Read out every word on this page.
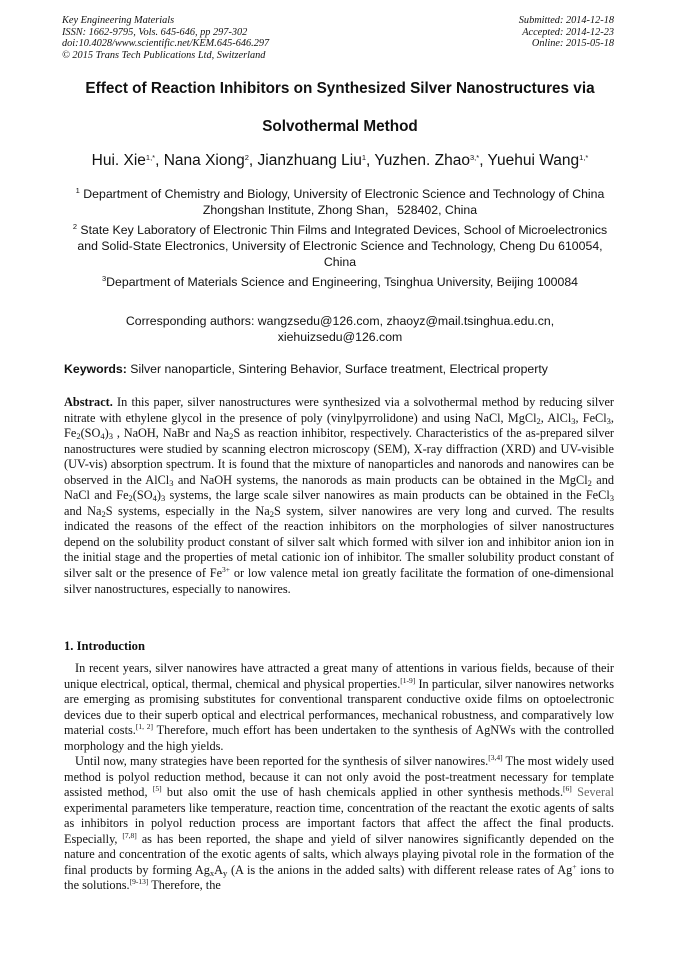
Key Engineering Materials
ISSN: 1662-9795, Vols. 645-646, pp 297-302
doi:10.4028/www.scientific.net/KEM.645-646.297
© 2015 Trans Tech Publications Ltd, Switzerland
Submitted: 2014-12-18
Accepted: 2014-12-23
Online: 2015-05-18
Effect of Reaction Inhibitors on Synthesized Silver Nanostructures via
Solvothermal Method
Hui. Xie$^{1,*}$, Nana Xiong$^2$, Jianzhuang Liu$^1$, Yuzhen. Zhao$^{3,*}$, Yuehui Wang$^{1,*}$
$^1$ Department of Chemistry and Biology, University of Electronic Science and Technology of China
Zhongshan Institute, Zhong Shan，528402, China
$^2$ State Key Laboratory of Electronic Thin Films and Integrated Devices, School of Microelectronics
and Solid-State Electronics, University of Electronic Science and Technology, Cheng Du 610054,
China
$^3$Department of Materials Science and Engineering, Tsinghua University, Beijing 100084
Corresponding authors: wangzsedu@126.com, zhaoyz@mail.tsinghua.edu.cn,
xiehuizsedu@126.com
Keywords: Silver nanoparticle, Sintering Behavior, Surface treatment, Electrical property

Abstract. In this paper, silver nanostructures were synthesized via a solvothermal method by reducing silver nitrate with ethylene glycol in the presence of poly (vinylpyrrolidone) and using NaCl, MgCl$_2$, AlCl$_3$, FeCl$_3$, $Fe_2(SO_4)_3$ , NaOH, NaBr and $Na_2S$ as reaction inhibitor, respectively. Characteristics of the as-prepared silver nanostructures were studied by scanning electron microscopy (SEM), X-ray diffraction (XRD) and UV-visible (UV-vis) absorption spectrum. It is found that the mixture of nanoparticles and nanorods and nanowires can be observed in the AlCl$_3$ and NaOH systems, the nanorods as main products can be obtained in the MgCl$_2$ and NaCl and $Fe_2(SO_4)_3$ systems, the large scale silver nanowires as main products can be obtained in the FeCl$_3$ and $Na_2S$ systems, especially in the $Na_2S$ system, silver nanowires are very long and curved. The results indicated the reasons of the effect of the reaction inhibitors on the morphologies of silver nanostructures depend on the solubility product constant of silver salt which formed with silver ion and inhibitor anion ion in the initial stage and the properties of metal cationic ion of inhibitor. The smaller solubility product constant of silver salt or the presence of $Fe^{3+}$ or low valence metal ion greatly facilitate the formation of one-dimensional silver nanostructures, especially to nanowires.

1. Introduction

In recent years, silver nanowires have attracted a great many of attentions in various fields, because of their unique electrical, optical, thermal, chemical and physical properties.[1-9] In particular, silver nanowires networks are emerging as promising substitutes for conventional transparent conductive oxide films on optoelectronic devices due to their superb optical and electrical performances, mechanical robustness, and comparatively low material costs.[1, 2] Therefore, much effort has been undertaken to the synthesis of AgNWs with the controlled morphology and the high yields.

Until now, many strategies have been reported for the synthesis of silver nanowires.[3,4] The most widely used method is polyol reduction method, because it can not only avoid the post-treatment necessary for template assisted method, [5] but also omit the use of hash chemicals applied in other synthesis methods.[6] Several experimental parameters like temperature, reaction time, concentration of the reactant the exotic agents of salts as inhibitors in polyol reduction process are important factors that affect the affect the final products. Especially, [7,8] as has been reported, the shape and yield of silver nanowires significantly depended on the nature and concentration of the exotic agents of salts, which always playing pivotal role in the formation of the final products by forming $Ag_xA_y$ (A is the anions in the added salts) with different release rates of Ag+ ions to the solutions.[9-13] Therefore, the
